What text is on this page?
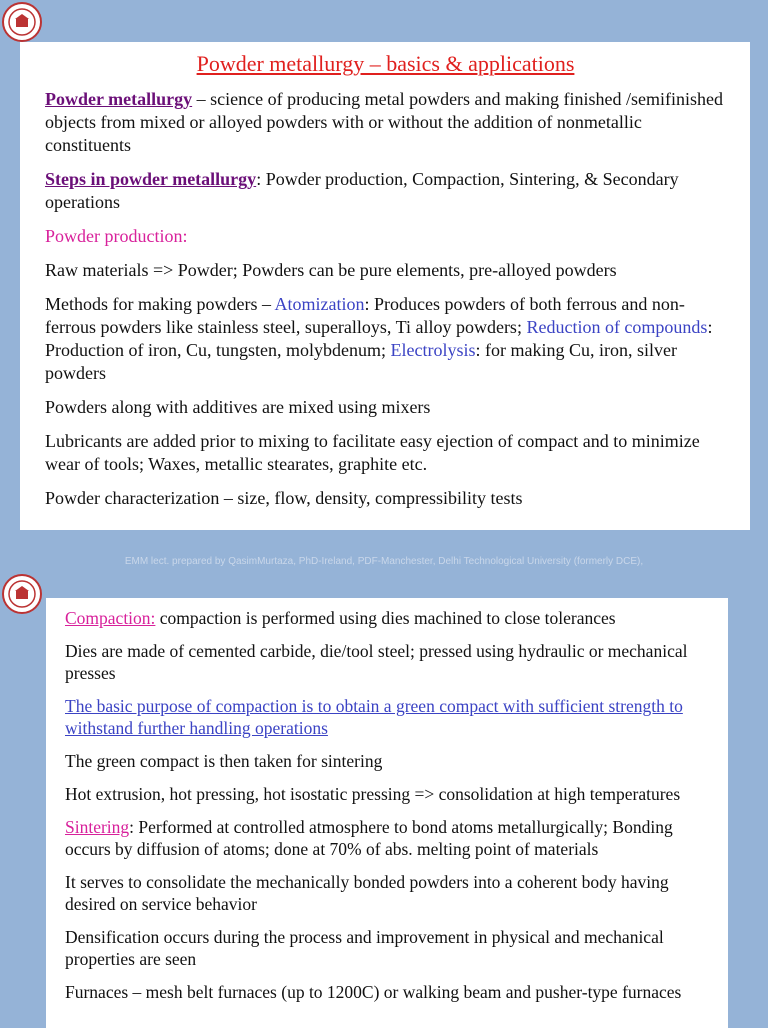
Powder metallurgy – basics & applications

Powder metallurgy – science of producing metal powders and making finished /semifinished objects from mixed or alloyed powders with or without the addition of nonmetallic constituents

Steps in powder metallurgy: Powder production, Compaction, Sintering, & Secondary operations

Powder production:

Raw materials => Powder; Powders can be pure elements, pre-alloyed powders

Methods for making powders – Atomization: Produces powders of both ferrous and non-ferrous powders like stainless steel, superalloys, Ti alloy powders; Reduction of compounds: Production of iron, Cu, tungsten, molybdenum; Electrolysis: for making Cu, iron, silver powders

Powders along with additives are mixed using mixers

Lubricants are added prior to mixing to facilitate easy ejection of compact and to minimize wear of tools; Waxes, metallic stearates, graphite etc.

Powder characterization – size, flow, density, compressibility tests

EMM lect. prepared by QasimMurtaza, PhD-Ireland, PDF-Manchester, Delhi Technological University (formerly DCE),

Compaction: compaction is performed using dies machined to close tolerances

Dies are made of cemented carbide, die/tool steel; pressed using hydraulic or mechanical presses

The basic purpose of compaction is to obtain a green compact with sufficient strength to withstand further handling operations

The green compact is then taken for sintering

Hot extrusion, hot pressing, hot isostatic pressing => consolidation at high temperatures

Sintering: Performed at controlled atmosphere to bond atoms metallurgically; Bonding occurs by diffusion of atoms; done at 70% of abs. melting point of materials

It serves to consolidate the mechanically bonded powders into a coherent body having desired on service behavior

Densification occurs during the process and improvement in physical and mechanical properties are seen

Furnaces – mesh belt furnaces (up to 1200C) or walking beam and pusher-type furnaces
